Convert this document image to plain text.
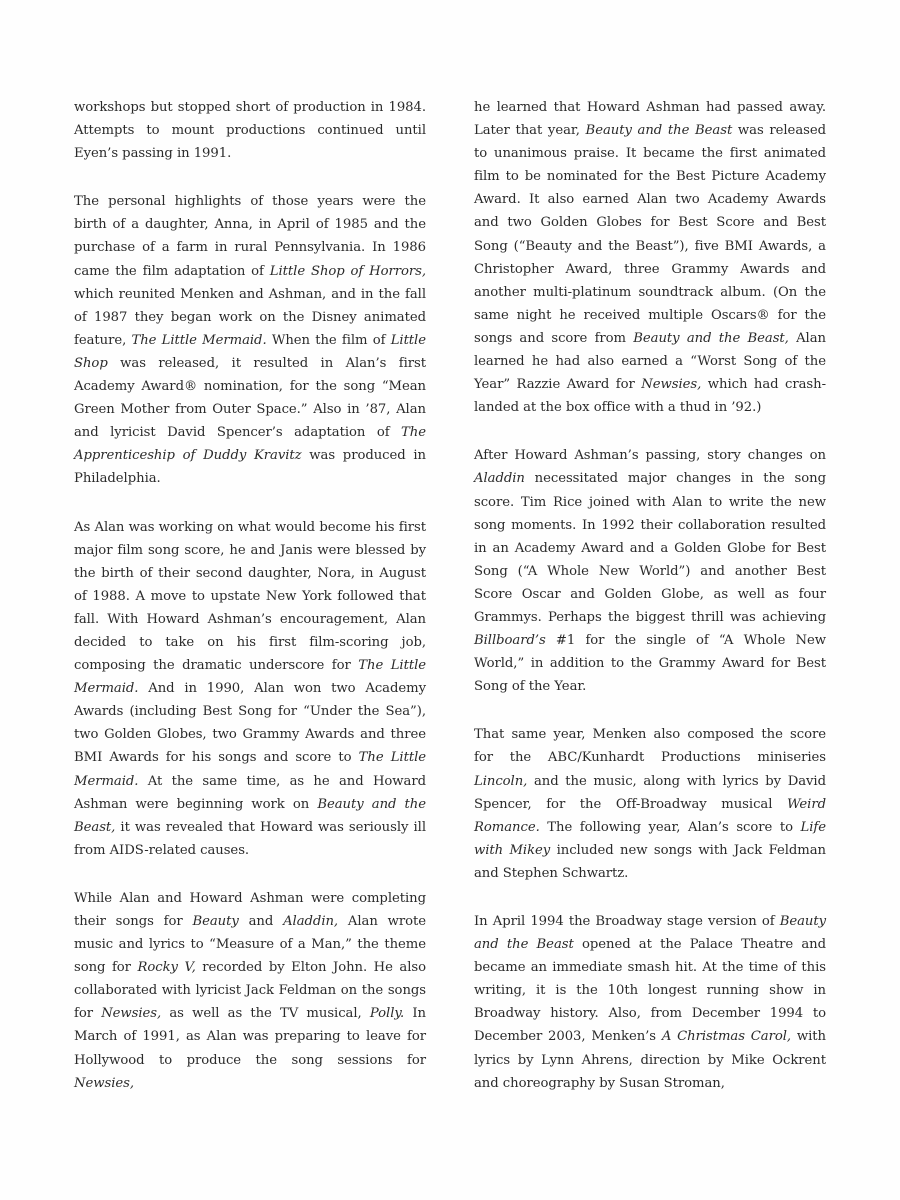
workshops but stopped short of production in 1984. Attempts to mount productions continued until Eyen’s passing in 1991.

The personal highlights of those years were the birth of a daughter, Anna, in April of 1985 and the purchase of a farm in rural Pennsylvania. In 1986 came the film adaptation of Little Shop of Horrors, which reunited Menken and Ashman, and in the fall of 1987 they began work on the Disney animated feature, The Little Mermaid. When the film of Little Shop was released, it resulted in Alan’s first Academy Award® nomination, for the song “Mean Green Mother from Outer Space.” Also in ’87, Alan and lyricist David Spencer’s adaptation of The Apprenticeship of Duddy Kravitz was produced in Philadelphia.

As Alan was working on what would become his first major film song score, he and Janis were blessed by the birth of their second daughter, Nora, in August of 1988. A move to upstate New York followed that fall. With Howard Ashman’s encouragement, Alan decided to take on his first film-scoring job, composing the dramatic underscore for The Little Mermaid. And in 1990, Alan won two Academy Awards (including Best Song for “Under the Sea”), two Golden Globes, two Grammy Awards and three BMI Awards for his songs and score to The Little Mermaid. At the same time, as he and Howard Ashman were beginning work on Beauty and the Beast, it was revealed that Howard was seriously ill from AIDS-related causes.

While Alan and Howard Ashman were completing their songs for Beauty and Aladdin, Alan wrote music and lyrics to “Measure of a Man,” the theme song for Rocky V, recorded by Elton John. He also collaborated with lyricist Jack Feldman on the songs for Newsies, as well as the TV musical, Polly. In March of 1991, as Alan was preparing to leave for Hollywood to produce the song sessions for Newsies,

he learned that Howard Ashman had passed away. Later that year, Beauty and the Beast was released to unanimous praise. It became the first animated film to be nominated for the Best Picture Academy Award. It also earned Alan two Academy Awards and two Golden Globes for Best Score and Best Song (“Beauty and the Beast”), five BMI Awards, a Christopher Award, three Grammy Awards and another multi-platinum soundtrack album. (On the same night he received multiple Oscars® for the songs and score from Beauty and the Beast, Alan learned he had also earned a “Worst Song of the Year” Razzie Award for Newsies, which had crash-landed at the box office with a thud in ’92.)

After Howard Ashman’s passing, story changes on Aladdin necessitated major changes in the song score. Tim Rice joined with Alan to write the new song moments. In 1992 their collaboration resulted in an Academy Award and a Golden Globe for Best Song (“A Whole New World”) and another Best Score Oscar and Golden Globe, as well as four Grammys. Perhaps the biggest thrill was achieving Billboard’s #1 for the single of “A Whole New World,” in addition to the Grammy Award for Best Song of the Year.

That same year, Menken also composed the score for the ABC/Kunhardt Productions miniseries Lincoln, and the music, along with lyrics by David Spencer, for the Off-Broadway musical Weird Romance. The following year, Alan’s score to Life with Mikey included new songs with Jack Feldman and Stephen Schwartz.

In April 1994 the Broadway stage version of Beauty and the Beast opened at the Palace Theatre and became an immediate smash hit. At the time of this writing, it is the 10th longest running show in Broadway history. Also, from December 1994 to December 2003, Menken’s A Christmas Carol, with lyrics by Lynn Ahrens, direction by Mike Ockrent and choreography by Susan Stroman,
